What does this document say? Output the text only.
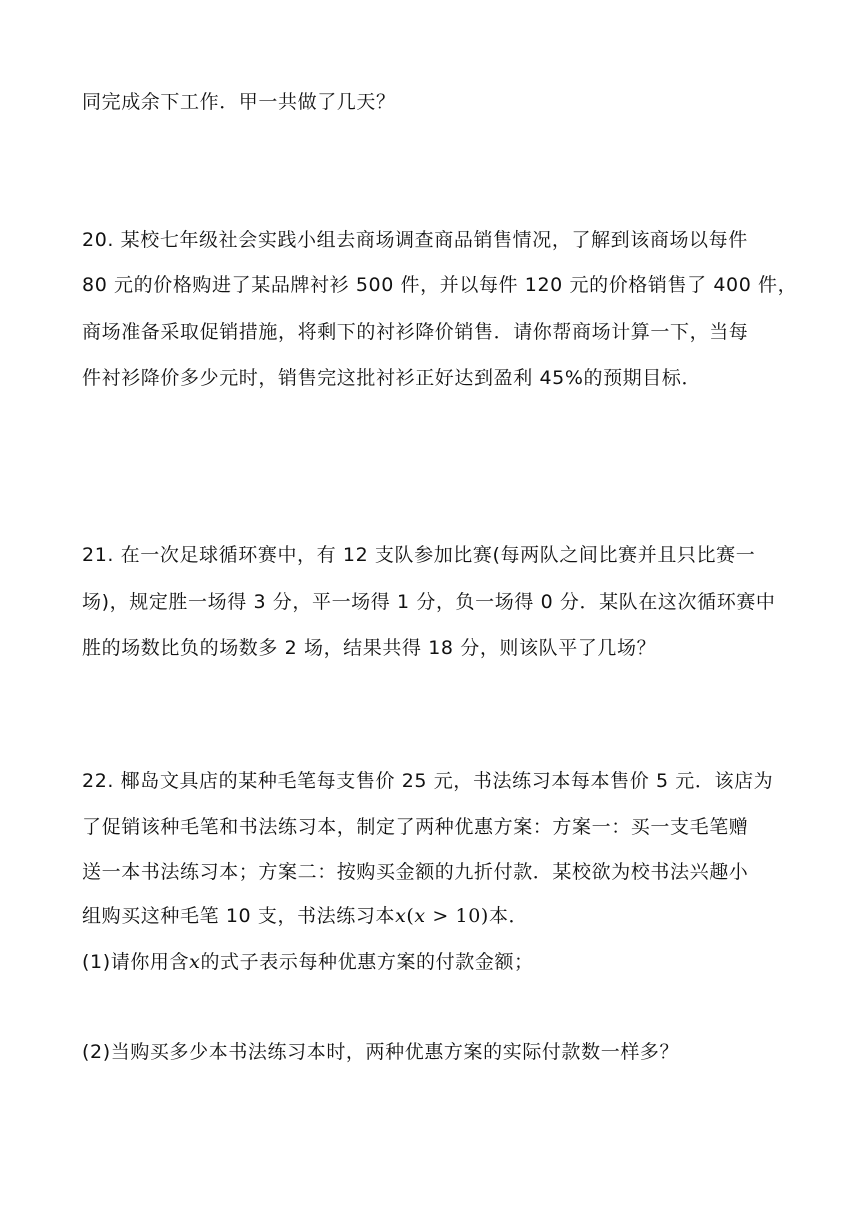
同完成余下工作．甲一共做了几天？
20. 某校七年级社会实践小组去商场调查商品销售情况，了解到该商场以每件
80 元的价格购进了某品牌衬衫 500 件，并以每件 120 元的价格销售了 400 件，
商场准备采取促销措施，将剩下的衬衫降价销售．请你帮商场计算一下，当每
件衬衫降价多少元时，销售完这批衬衫正好达到盈利 45%的预期目标．
21. 在一次足球循环赛中，有 12 支队参加比赛(每两队之间比赛并且只比赛一
场)，规定胜一场得 3 分，平一场得 1 分，负一场得 0 分．某队在这次循环赛中
胜的场数比负的场数多 2 场，结果共得 18 分，则该队平了几场？
22. 椰岛文具店的某种毛笔每支售价 25 元，书法练习本每本售价 5 元．该店为
了促销该种毛笔和书法练习本，制定了两种优惠方案：方案一：买一支毛笔赠
送一本书法练习本；方案二：按购买金额的九折付款．某校欲为校书法兴趣小
组购买这种毛笔 10 支，书法练习本x(x > 10)本．
(1)请你用含x的式子表示每种优惠方案的付款金额；
(2)当购买多少本书法练习本时，两种优惠方案的实际付款数一样多？
